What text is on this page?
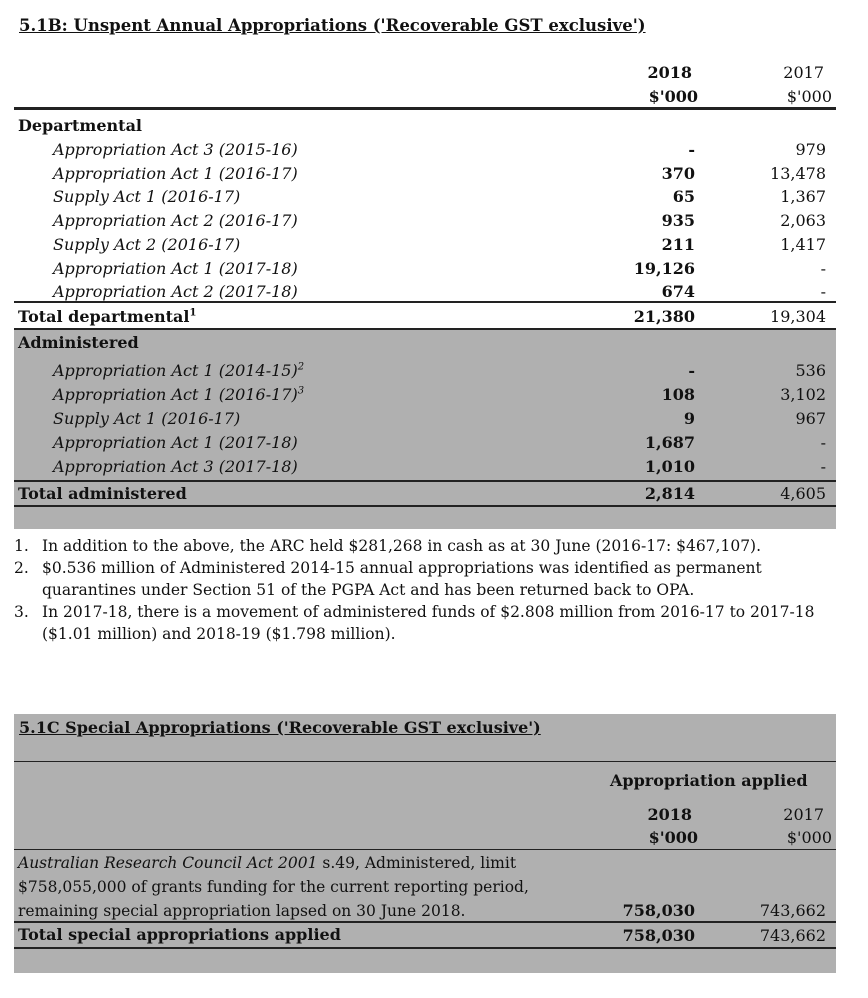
5.1B: Unspent Annual Appropriations ('Recoverable GST exclusive')
2018
$'000
2017
$'000
Departmental
Appropriation Act 3 (2015-16)	-	979
Appropriation Act 1 (2016-17)	370	13,478
Supply Act 1 (2016-17)	65	1,367
Appropriation Act 2 (2016-17)	935	2,063
Supply Act 2 (2016-17)	211	1,417
Appropriation Act 1 (2017-18)	19,126	-
Appropriation Act 2 (2017-18)	674	-
Total departmental$^1$	21,380	19,304
Administered
Appropriation Act 1 (2014-15)$^2$	-	536
Appropriation Act 1 (2016-17)$^3$	108	3,102
Supply Act 1 (2016-17)	9	967
Appropriation Act 1 (2017-18)	1,687	-
Appropriation Act 3 (2017-18)	1,010	-
Total administered	2,814	4,605
1. In addition to the above, the ARC held $281,268 in cash as at 30 June (2016-17: $467,107).
2. $0.536 million of Administered 2014-15 annual appropriations was identified as permanent quarantines under Section 51 of the PGPA Act and has been returned back to OPA.
3. In 2017-18, there is a movement of administered funds of $2.808 million from 2016-17 to 2017-18 ($1.01 million) and 2018-19 ($1.798 million).
5.1C Special Appropriations ('Recoverable GST exclusive')
Appropriation applied
2018
$'000
2017
$'000
Australian Research Council Act 2001 s.49, Administered, limit
$758,055,000 of grants funding for the current reporting period,
remaining special appropriation lapsed on 30 June 2018.	758,030	743,662
Total special appropriations applied	758,030	743,662
